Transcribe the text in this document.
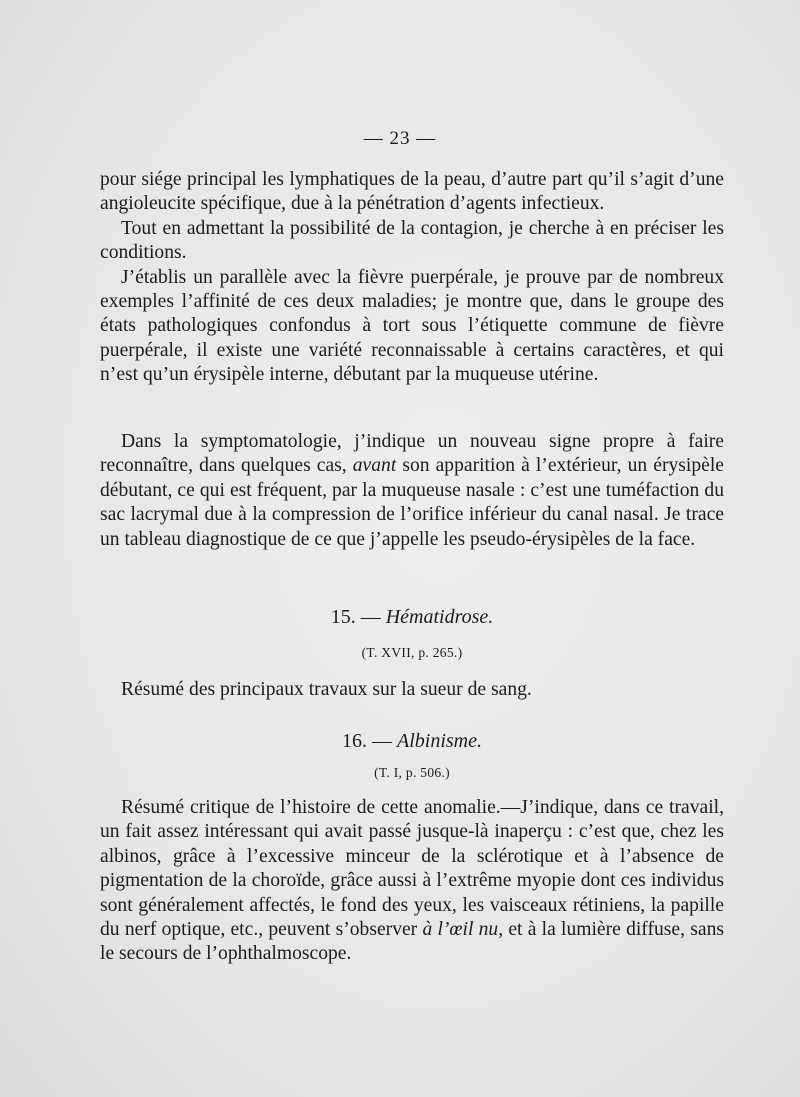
— 23 —

pour siége principal les lymphatiques de la peau, d’autre part qu’il s’agit d’une angioleucite spécifique, due à la pénétration d’agents infectieux.

Tout en admettant la possibilité de la contagion, je cherche à en préciser les conditions.

J’établis un parallèle avec la fièvre puerpérale, je prouve par de nombreux exemples l’affinité de ces deux maladies; je montre que, dans le groupe des états pathologiques confondus à tort sous l’étiquette commune de fièvre puerpérale, il existe une variété reconnaissable à certains caractères, et qui n’est qu’un érysipèle interne, débutant par la muqueuse utérine.

Dans la symptomatologie, j’indique un nouveau signe propre à faire reconnaître, dans quelques cas, avant son apparition à l’extérieur, un érysipèle débutant, ce qui est fréquent, par la muqueuse nasale : c’est une tuméfaction du sac lacrymal due à la compression de l’orifice inférieur du canal nasal. Je trace un tableau diagnostique de ce que j’appelle les pseudo-érysipèles de la face.

15. — Hématidrose.
(T. XVII, p. 265.)
Résumé des principaux travaux sur la sueur de sang.
16. — Albinisme.
(T. I, p. 506.)

Résumé critique de l’histoire de cette anomalie.—J’indique, dans ce travail, un fait assez intéressant qui avait passé jusque-là inaperçu : c’est que, chez les albinos, grâce à l’excessive minceur de la sclérotique et à l’absence de pigmentation de la choroïde, grâce aussi à l’extrême myopie dont ces individus sont généralement affectés, le fond des yeux, les vaisceaux rétiniens, la papille du nerf optique, etc., peuvent s’observer à l’œil nu, et à la lumière diffuse, sans le secours de l’ophthalmoscope.
